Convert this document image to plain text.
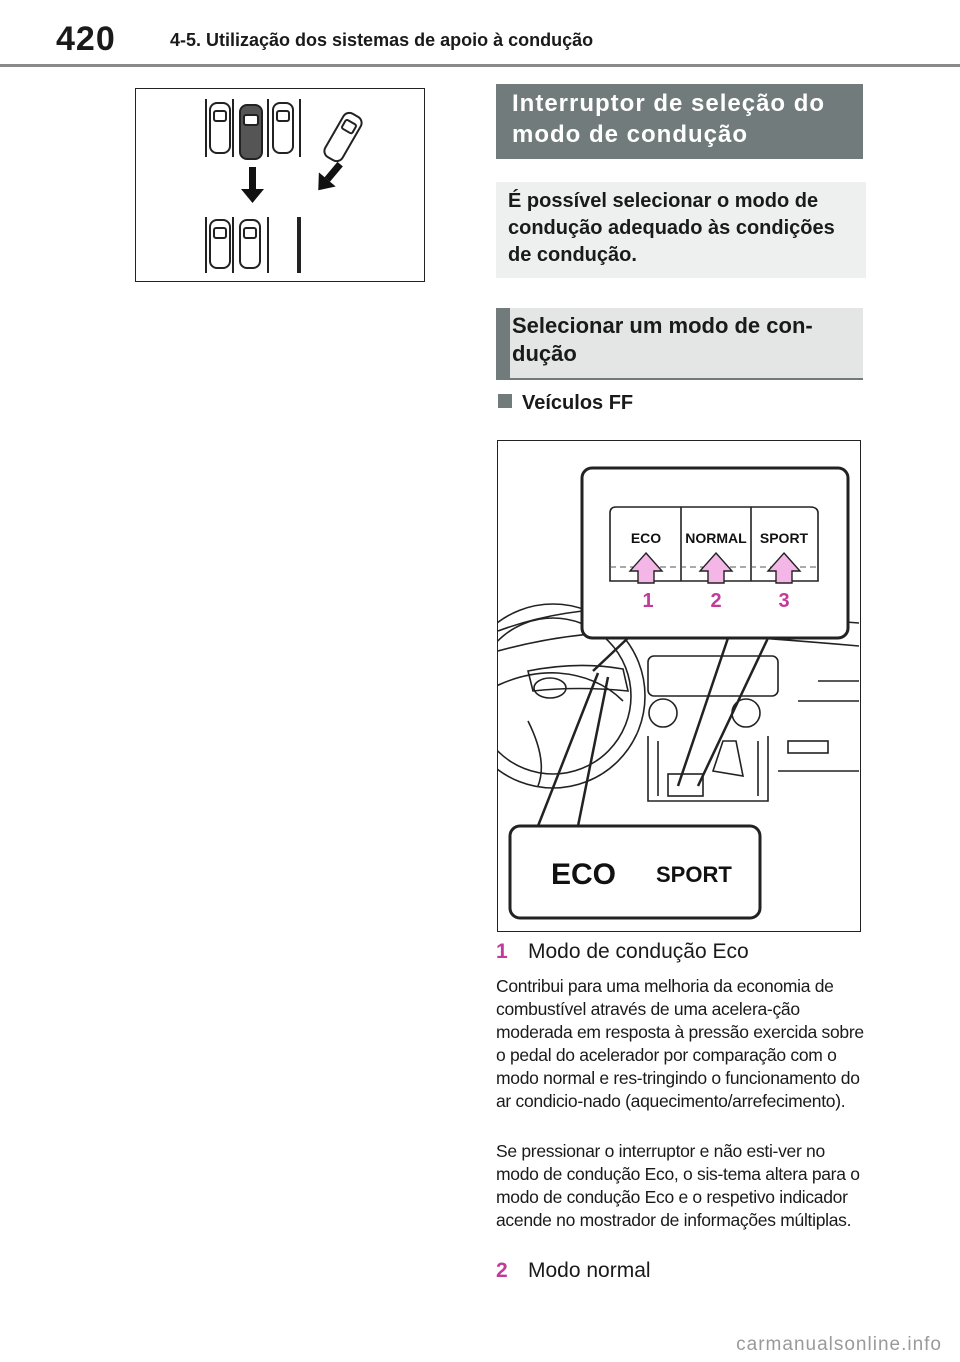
420	4-5. Utilização dos sistemas de apoio à condução
Interruptor de seleção do modo de condução
É possível selecionar o modo de condução adequado às condições de condução.
Selecionar um modo de con-dução
Veículos FF
ECO NORMAL SPORT
1	2	3
ECO SPORT
1 Modo de condução Eco
Contribui para uma melhoria da economia de combustível através de uma acelera-ção moderada em resposta à pressão exercida sobre o pedal do acelerador por comparação com o modo normal e res-tringindo o funcionamento do ar condicio-nado (aquecimento/arrefecimento).
Se pressionar o interruptor e não esti-ver no modo de condução Eco, o sis-tema altera para o modo de condução Eco e o respetivo indicador acende no mostrador de informações múltiplas.
2 Modo normal
carmanualsonline.info
